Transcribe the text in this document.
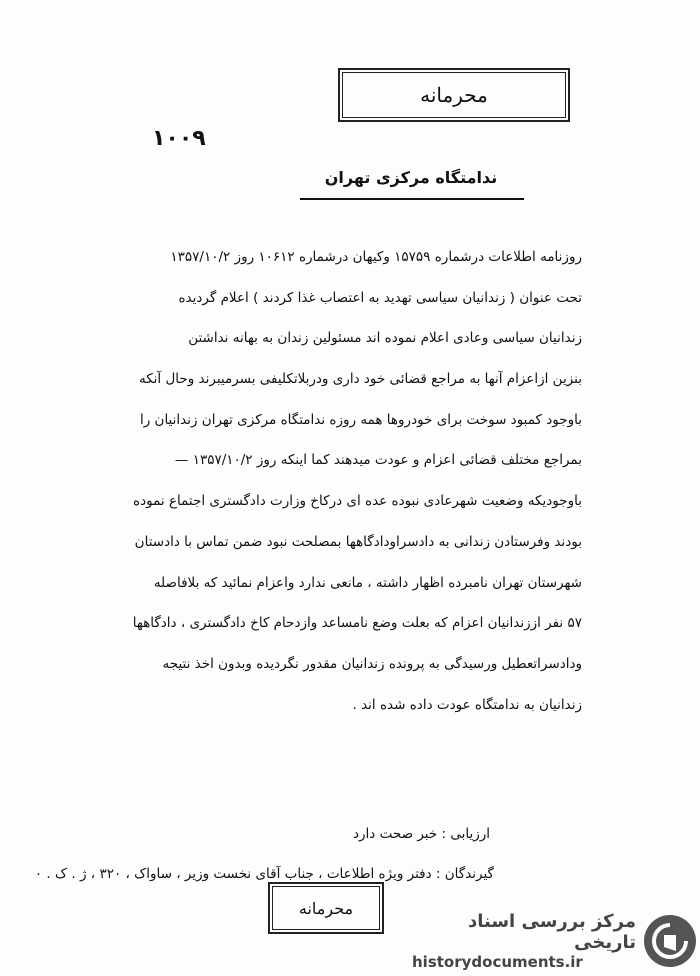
محرمانه
١٠٠٩
ندامتگاه مرکزی تهران
روزنامه اطلاعات درشماره ۱۵۷۵۹ وکیهان درشماره ۱۰۶۱۲ روز ۱۳۵۷/۱۰/۲
تحت عنوان ( زندانیان سیاسی تهدید به اعتصاب غذا کردند ) اعلام گردیده
زندانیان سیاسی وعادی اعلام نموده اند مسئولین زندان به بهانه نداشتن
بنزین ازاعزام آنها به مراجع قضائی خود داری ودربلاتکلیفی بسرمیبرند وحال آنکه
باوجود کمبود سوخت برای خودروها همه روزه ندامتگاه مرکزی تهران زندانیان را
بمراجع مختلف قضائی اعزام و عودت میدهند کما اینکه روز ۱۳۵۷/۱۰/۲ —
باوجودیکه وضعیت شهرعادی نبوده عده ای درکاخ وزارت دادگستری اجتماع نموده
بودند وفرستادن زندانی به دادسراودادگاهها بمصلحت نبود ضمن تماس با دادستان
شهرستان تهران نامبرده اظهار داشته ، مانعی ندارد واعزام نمائید که بلافاصله
۵۷ نفر اززندانیان اعزام که بعلت وضع نامساعد وازدحام کاخ دادگستری ، دادگاهها
ودادسراتعطیل ورسیدگی به پرونده زندانیان مقدور نگردیده وبدون اخذ نتیجه
زندانیان به ندامتگاه عودت داده شده اند .
ارزیابی : خبر صحت دارد
گیرندگان : دفتر ویژه اطلاعات ، جناب آقای نخست وزیر ، ساواک ، ۳۲۰ ، ژ . ک . ۰
محرمانه
مرکز بررسی اسناد تاریخی
historydocuments.ir
